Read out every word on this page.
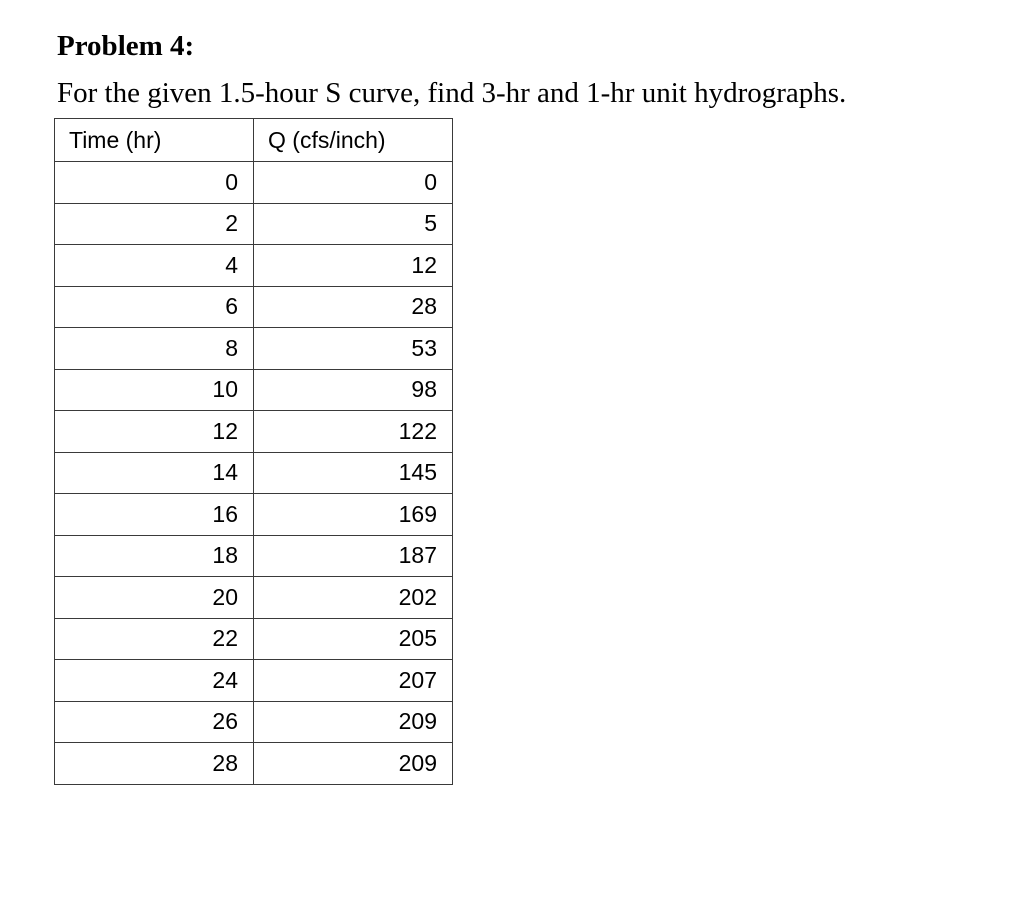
Problem 4:

For the given 1.5-hour S curve, find 3-hr and 1-hr unit hydrographs.

Time (hr)	Q (cfs/inch)
0	0
2	5
4	12
6	28
8	53
10	98
12	122
14	145
16	169
18	187
20	202
22	205
24	207
26	209
28	209
